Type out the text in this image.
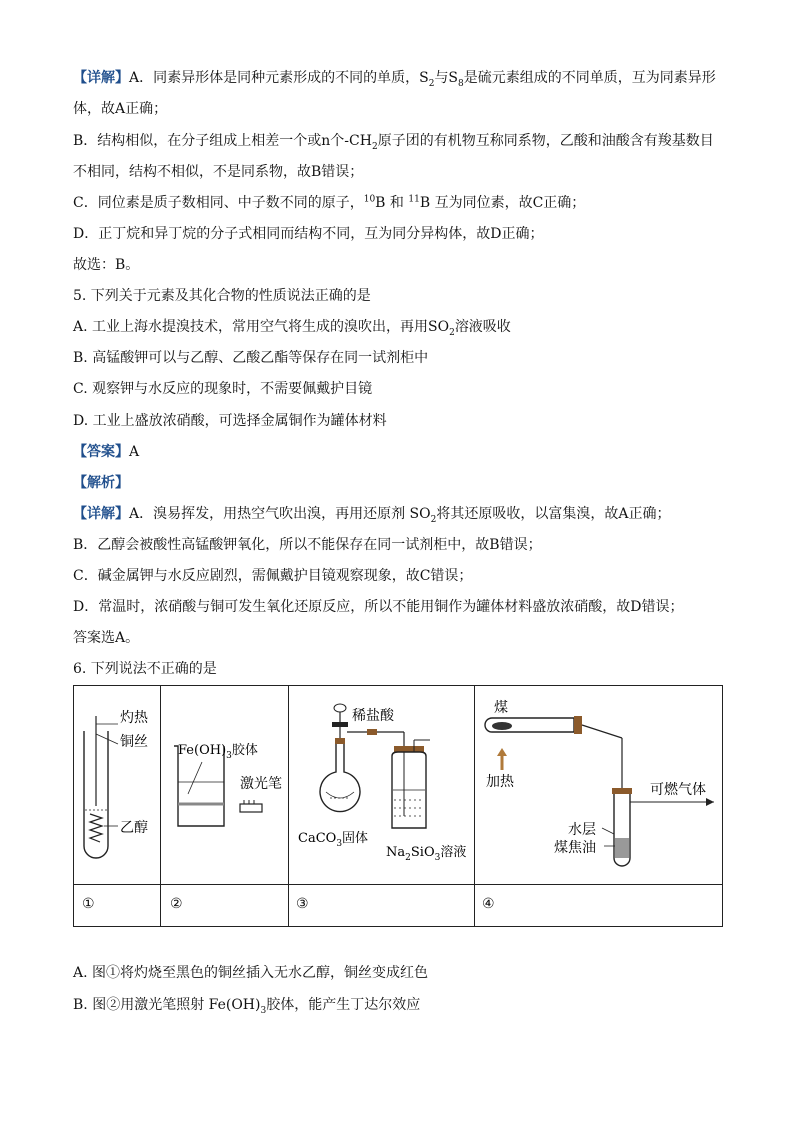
【详解】A．同素异形体是同种元素形成的不同的单质，$S_2$与$S_8$是硫元素组成的不同单质，互为同素异形
体，故A正确；
B．结构相似，在分子组成上相差一个或n个$-CH_2$原子团的有机物互称同系物，乙酸和油酸含有羧基数目
不相同，结构不相似，不是同系物，故B错误；
C．同位素是质子数相同、中子数不同的原子，$^{10}$B 和 $^{11}$B 互为同位素，故C正确；
D．正丁烷和异丁烷的分子式相同而结构不同，互为同分异构体，故D正确；
故选：B。
5. 下列关于元素及其化合物的性质说法正确的是
A. 工业上海水提溴技术，常用空气将生成的溴吹出，再用$SO_2$溶液吸收
B. 高锰酸钾可以与乙醇、乙酸乙酯等保存在同一试剂柜中
C. 观察钾与水反应的现象时，不需要佩戴护目镜
D. 工业上盛放浓硝酸，可选择金属铜作为罐体材料
【答案】A
【解析】
【详解】A．溴易挥发，用热空气吹出溴，再用还原剂 $SO_2$将其还原吸收，以富集溴，故A正确；
B．乙醇会被酸性高锰酸钾氧化，所以不能保存在同一试剂柜中，故B错误；
C．碱金属钾与水反应剧烈，需佩戴护目镜观察现象，故C错误；
D．常温时，浓硝酸与铜可发生氧化还原反应，所以不能用铜作为罐体材料盛放浓硝酸，故D错误；
答案选A。
6. 下列说法不正确的是
灼热
铜丝
乙醇
$Fe(OH)_3$胶体
激光笔
稀盐酸
CaCO$_3$固体
$Na_2SiO_3$溶液
煤
加热	可燃气体
水层
煤焦油
①	②	③	④
A. 图①将灼烧至黑色的铜丝插入无水乙醇，铜丝变成红色
B. 图②用激光笔照射 $Fe(OH)_3$胶体，能产生丁达尔效应
